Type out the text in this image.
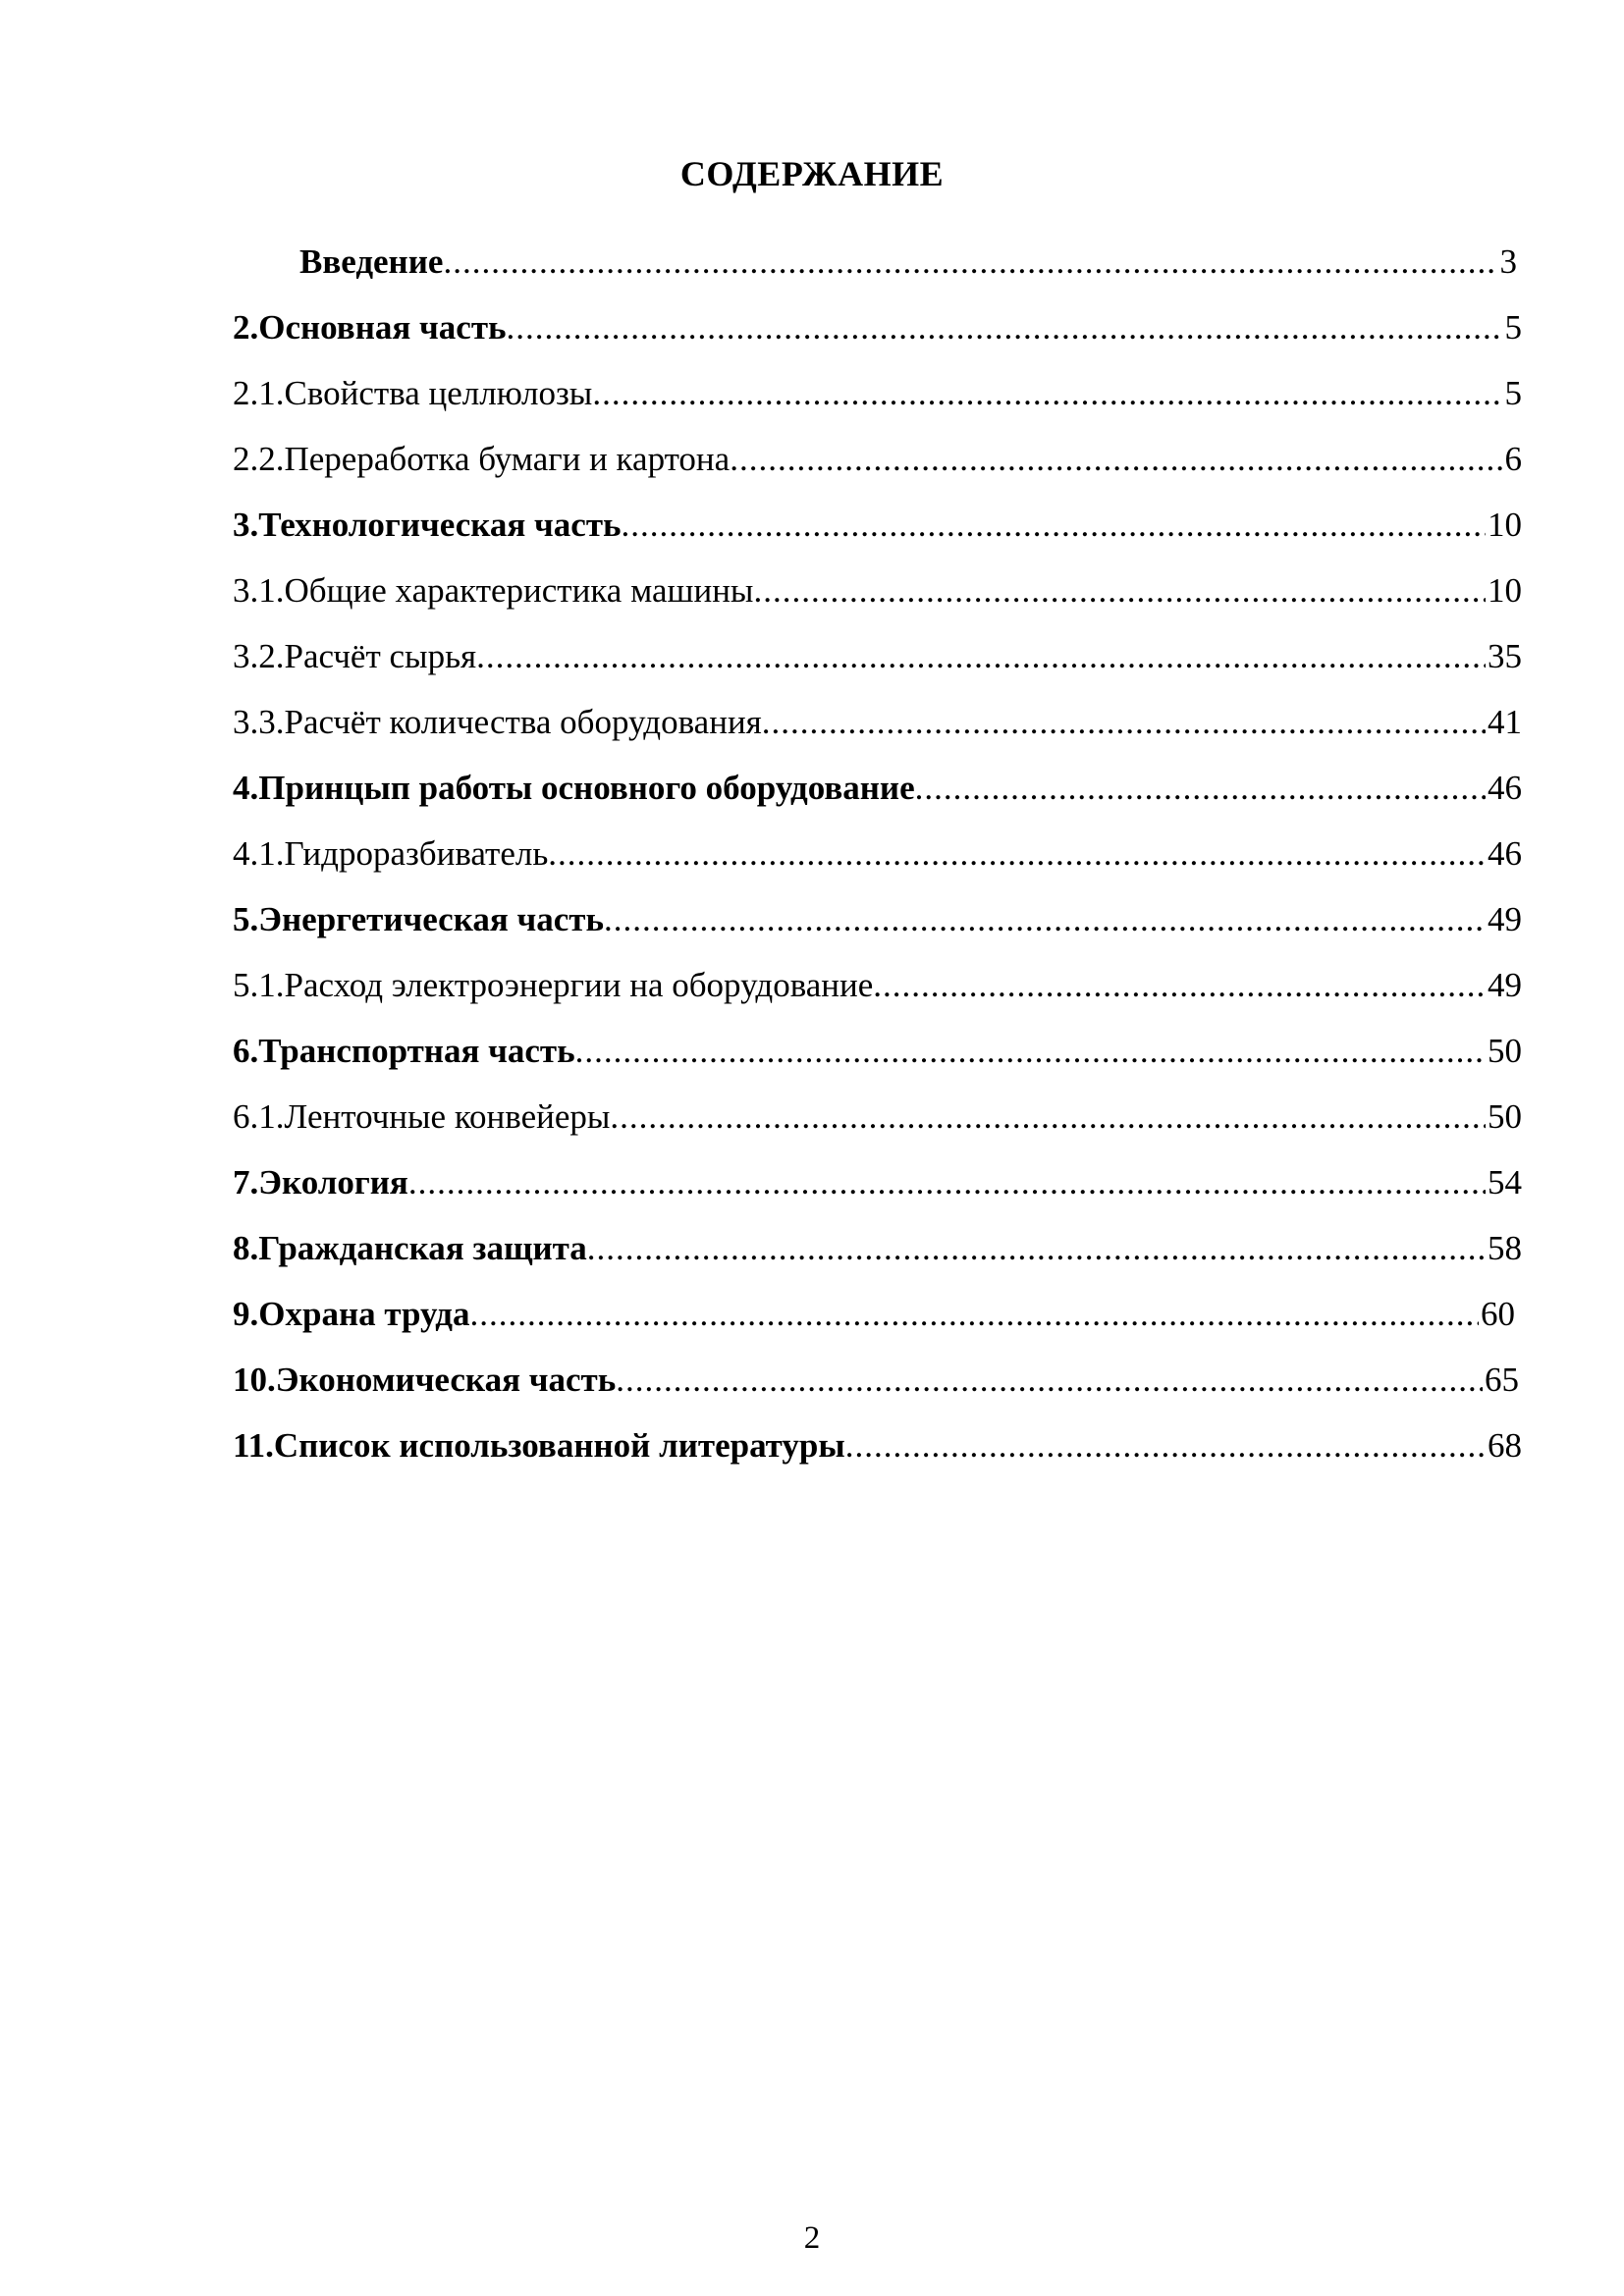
СОДЕРЖАНИЕ
Введение .....	3
2. Основная часть .....	5
2.1. Свойства целлюлозы .....	5
2.2. Переработка бумаги и картона .....	6
3. Технологическая часть .....	10
3.1. Общие характеристика машины .....	10
3.2. Расчёт сырья .....	35
3.3. Расчёт количества оборудования .....	41
4. Принцып работы основного оборудование .....	46
4.1. Гидроразбиватель .....	46
5. Энергетическая часть .....	49
5.1. Расход электроэнергии на оборудование .....	49
6. Транспортная часть .....	50
6.1. Ленточные конвейеры .....	50
7. Экология .....	54
8. Гражданская защита .....	58
9. Охрана труда .....	60
10. Экономическая часть .....	65
11. Список использованной литературы .....	68
2
